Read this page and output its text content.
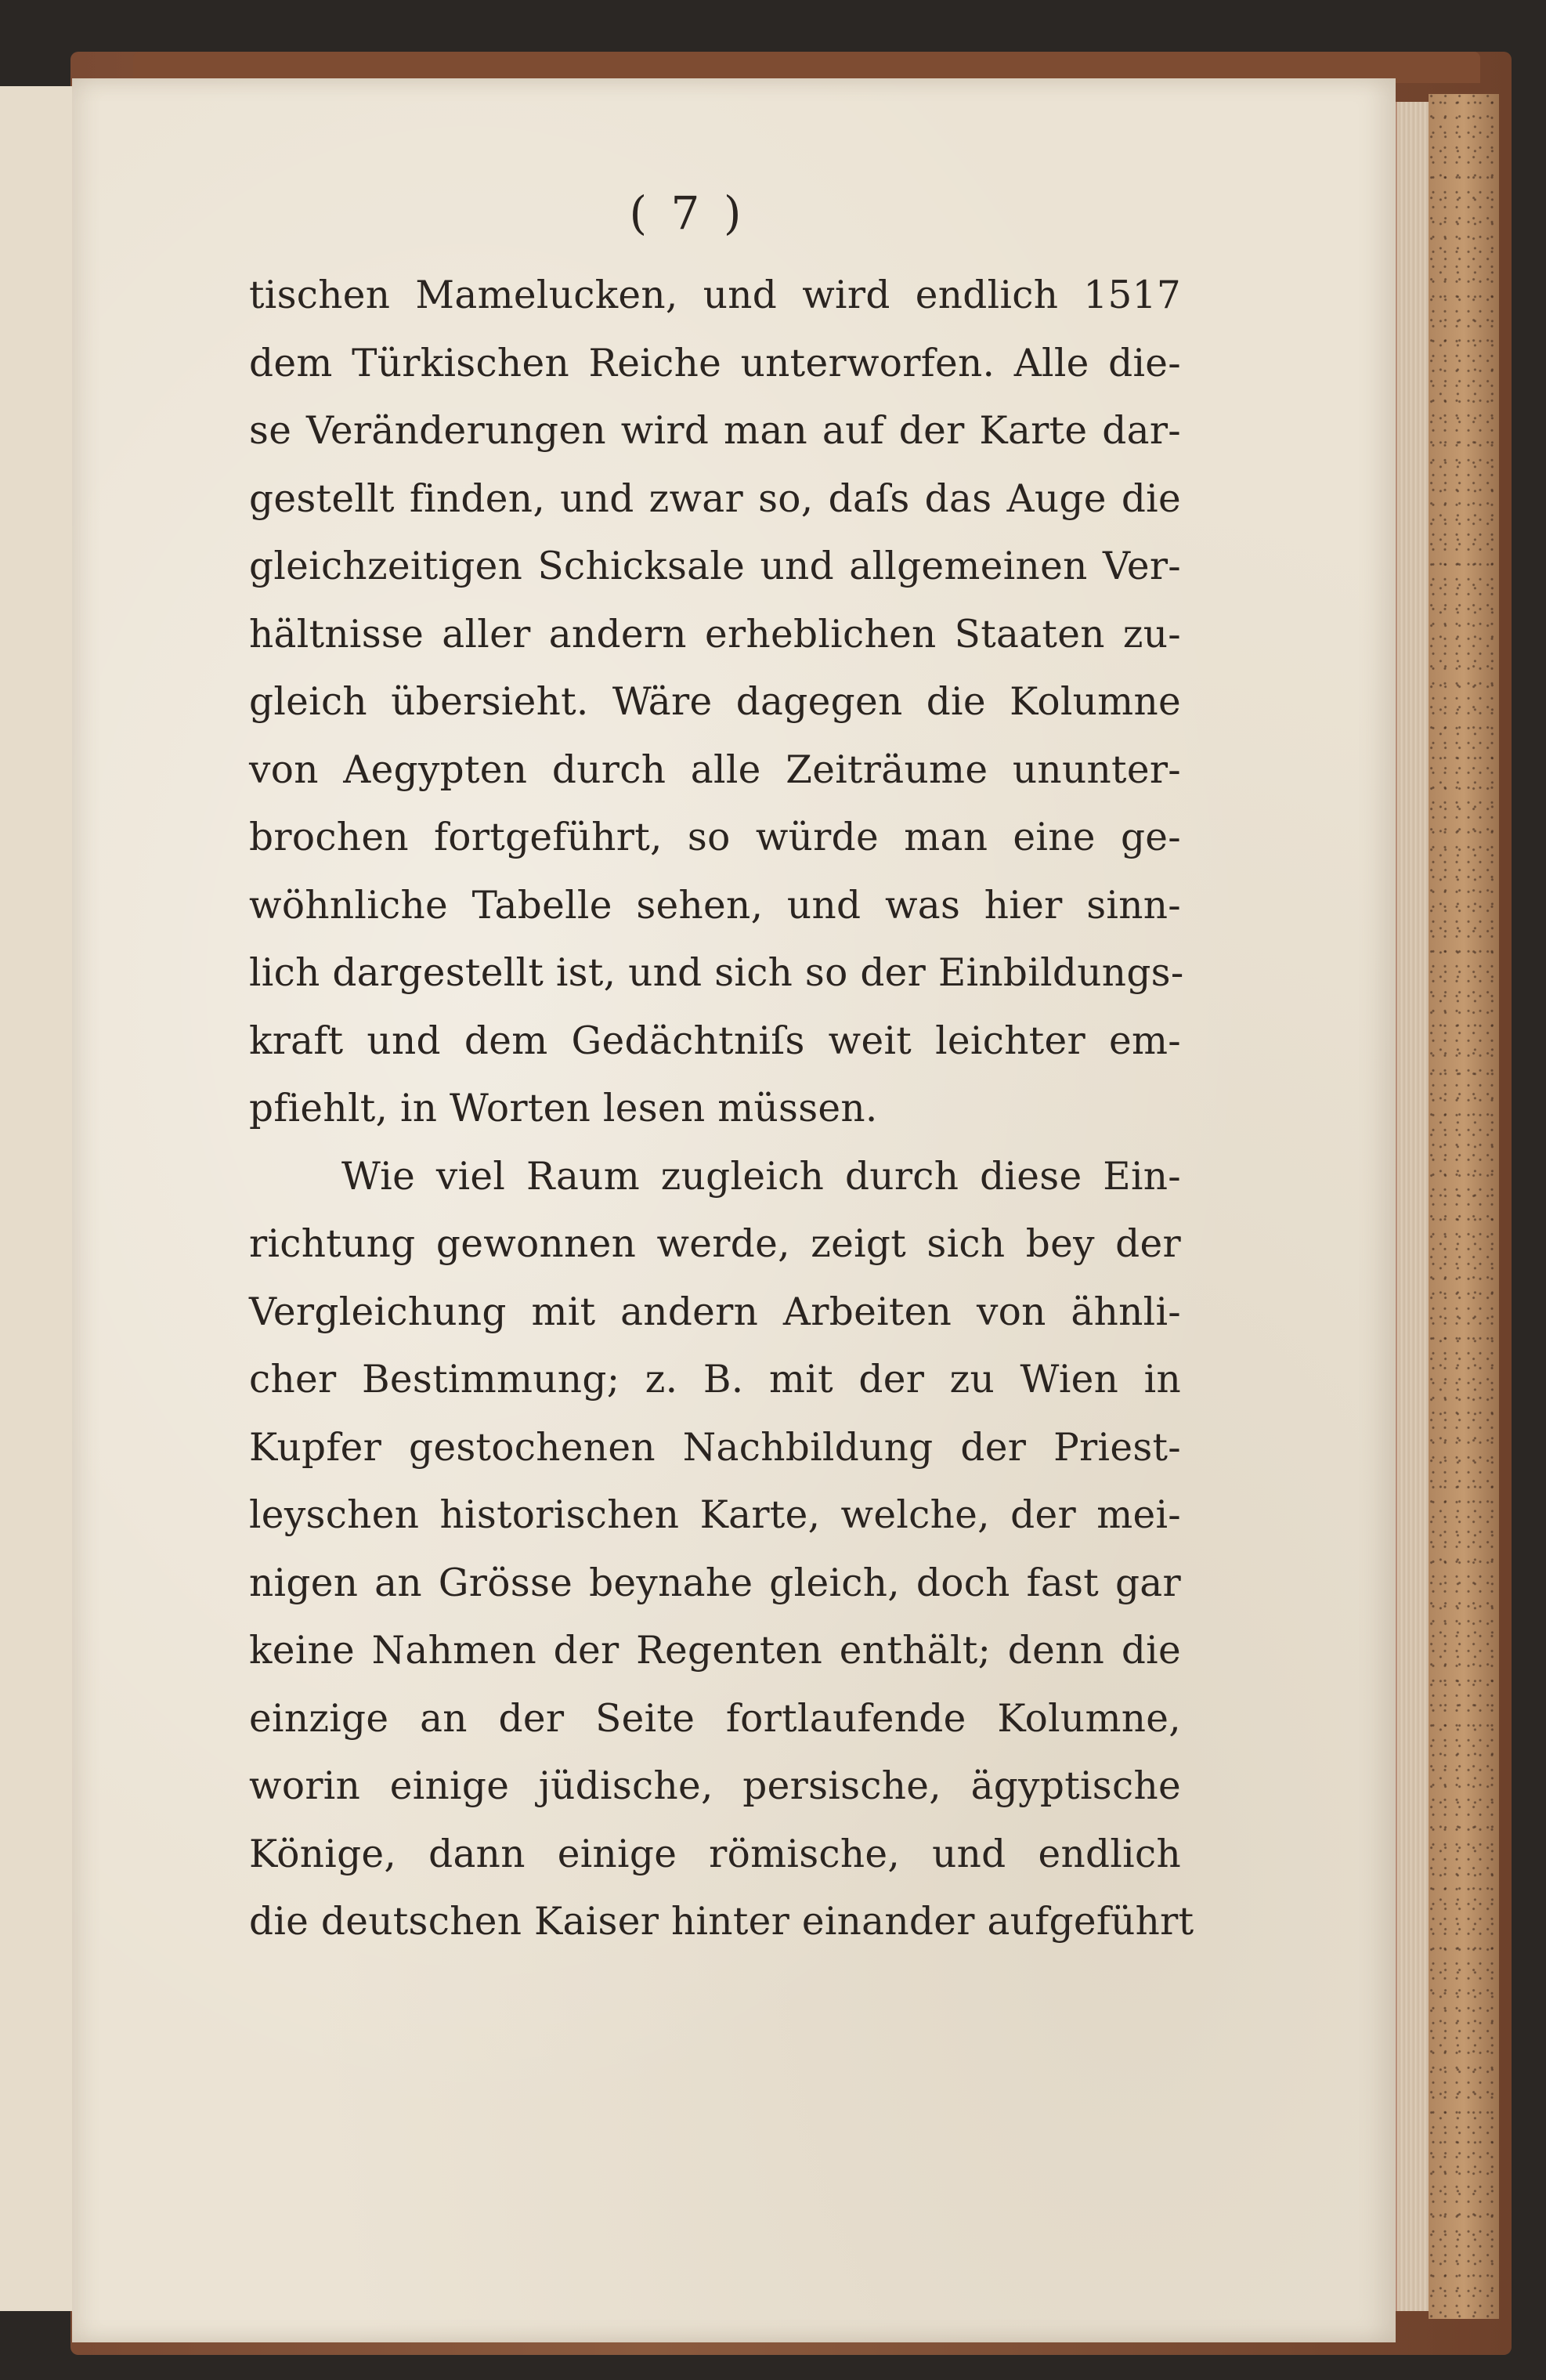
( 7 )
tischen Mamelucken, und wird endlich 1517
dem Türkischen Reiche unterworfen. Alle die-
se Veränderungen wird man auf der Karte dar-
gestellt finden, und zwar so, daſs das Auge die
gleichzeitigen Schicksale und allgemeinen Ver-
hältnisse aller andern erheblichen Staaten zu-
gleich übersieht. Wäre dagegen die Kolumne
von Aegypten durch alle Zeiträume ununter-
brochen fortgeführt, so würde man eine ge-
wöhnliche Tabelle sehen, und was hier sinn-
lich dargestellt ist, und sich so der Einbildungs-
kraft und dem Gedächtniſs weit leichter em-
pfiehlt, in Worten lesen müssen.
Wie viel Raum zugleich durch diese Ein-
richtung gewonnen werde, zeigt sich bey der
Vergleichung mit andern Arbeiten von ähnli-
cher Bestimmung; z. B. mit der zu Wien in
Kupfer gestochenen Nachbildung der Priest-
leyschen historischen Karte, welche, der mei-
nigen an Grösse beynahe gleich, doch fast gar
keine Nahmen der Regenten enthält; denn die
einzige an der Seite fortlaufende Kolumne,
worin einige jüdische, persische, ägyptische
Könige, dann einige römische, und endlich
die deutschen Kaiser hinter einander aufgeführt
